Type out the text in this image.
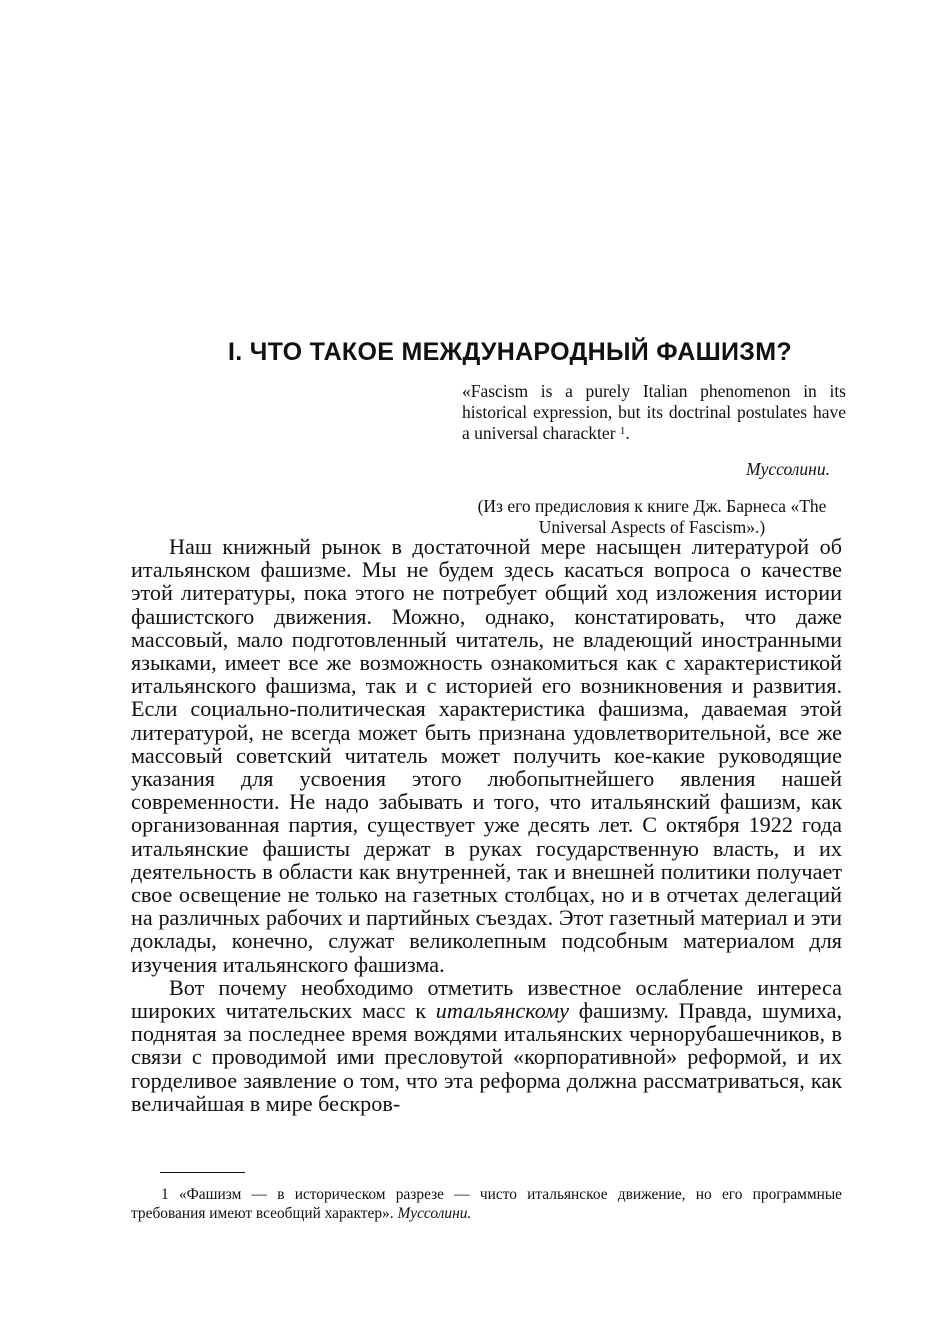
I. ЧТО ТАКОЕ МЕЖДУНАРОДНЫЙ ФАШИЗМ?

«Fascism is a purely Italian phenomenon in its historical expression, but its doctrinal postulates have a universal charackter $^1$.

Муссолини.

(Из его предисловия к книге Дж. Барнеса «The Universal Aspects of Fascism».)

Наш книжный рынок в достаточной мере насыщен литературой об итальянском фашизме. Мы не будем здесь касаться вопроса о качестве этой литературы, пока этого не потребует общий ход изложения истории фашистского движения. Можно, однако, констатировать, что даже массовый, мало подготовленный читатель, не владеющий иностранными языками, имеет все же возможность ознакомиться как с характеристикой итальянского фашизма, так и с историей его возникновения и развития. Если социально-политическая характеристика фашизма, даваемая этой литературой, не всегда может быть признана удовлетворительной, все же массовый советский читатель может получить кое-какие руководящие указания для усвоения этого любопытнейшего явления нашей современности. Не надо забывать и того, что итальянский фашизм, как организованная партия, существует уже десять лет. С октября 1922 года итальянские фашисты держат в руках государственную власть, и их деятельность в области как внутренней, так и внешней политики получает свое освещение не только на газетных столбцах, но и в отчетах делегаций на различных рабочих и партийных съездах. Этот газетный материал и эти доклады, конечно, служат великолепным подсобным материалом для изучения итальянского фашизма.

Вот почему необходимо отметить известное ослабление интереса широких читательских масс к итальянскому фашизму. Правда, шумиха, поднятая за последнее время вождями итальянских чернорубашечников, в связи с проводимой ими пресловутой «корпоративной» реформой, и их горделивое заявление о том, что эта реформа должна рассматриваться, как величайшая в мире бескров-

1 «Фашизм — в историческом разрезе — чисто итальянское движение, но его программные требования имеют всеобщий характер». Муссолини.
